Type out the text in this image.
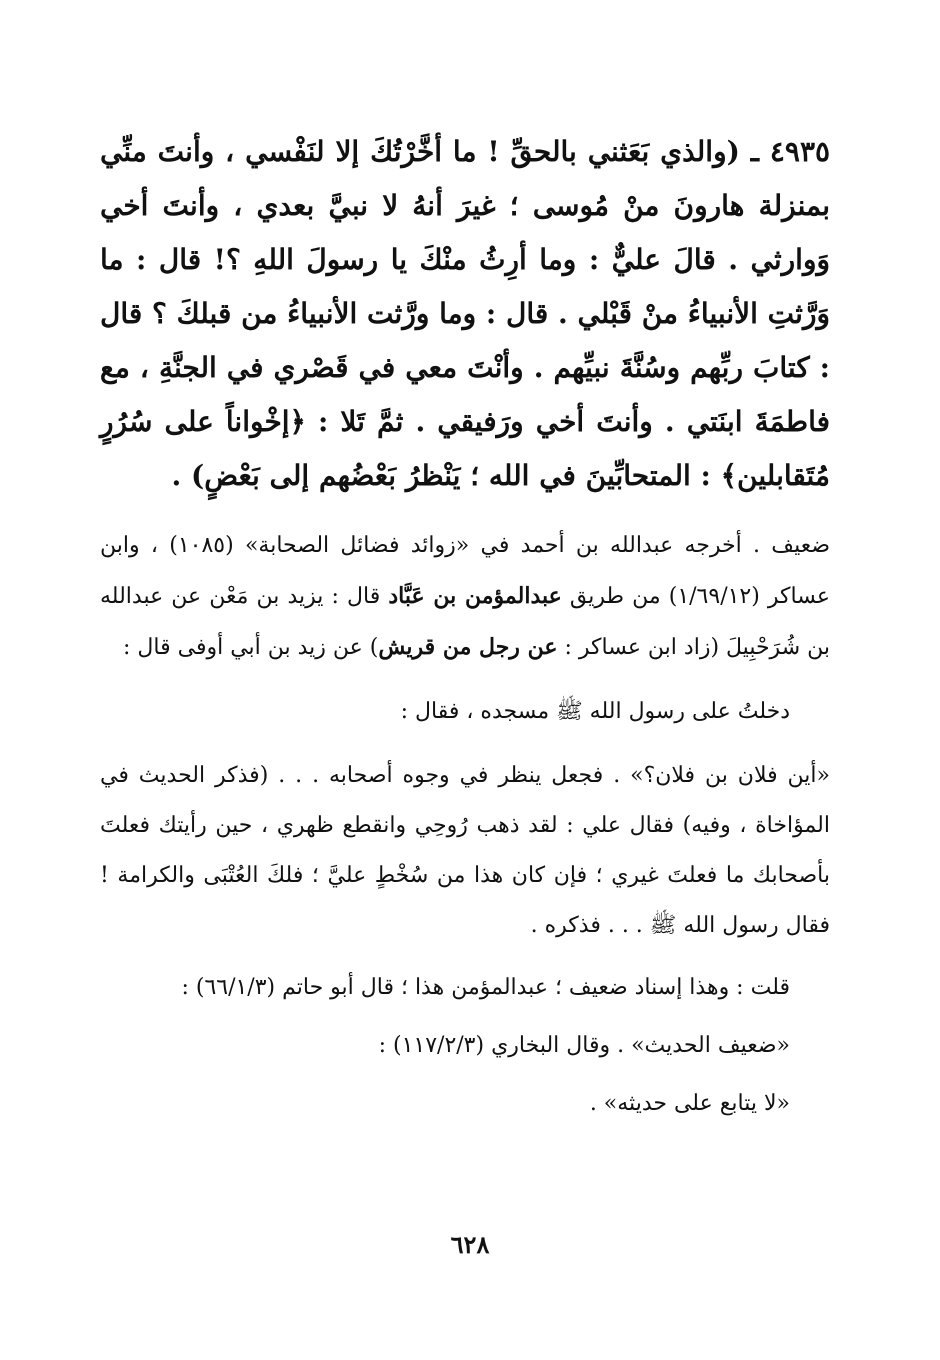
٤٩٣٥ ـ (والذي بَعَثني بالحقِّ ! ما أخَّرْتُكَ إلا لنَفْسي ، وأنتَ منِّي بمنزلة هارونَ منْ مُوسى ؛ غيرَ أنهُ لا نبيَّ بعدي ، وأنتَ أخي وَوارثي . قالَ عليٌّ : وما أرِثُ منْكَ يا رسولَ اللهِ ؟! قال : ما وَرَّثتِ الأنبياءُ منْ قَبْلي . قال : وما ورَّثت الأنبياءُ من قبلكَ ؟ قال : كتابَ ربِّهم وسُنَّةَ نبيِّهم . وأنْتَ معي في قَصْري في الجنَّةِ ، مع فاطمَةَ ابنَتي . وأنتَ أخي ورَفيقي . ثمَّ تَلا : ﴿إخْواناً على سُرُرٍ مُتَقابلين﴾ : المتحابِّينَ في الله ؛ يَنْظرُ بَعْضُهم إلى بَعْضٍ) .

ضعيف . أخرجه عبدالله بن أحمد في «زوائد فضائل الصحابة» (١٠٨٥) ، وابن عساكر (١/٦٩/١٢) من طريق عبدالمؤمن بن عَبَّاد قال : يزيد بن مَعْن عن عبدالله بن شُرَحْبِيلَ (زاد ابن عساكر : عن رجل من قريش) عن زيد بن أبي أوفى قال :

دخلتُ على رسول الله ﷺ مسجده ، فقال :

«أين فلان بن فلان؟» . فجعل ينظر في وجوه أصحابه . . . (فذكر الحديث في المؤاخاة ، وفيه) فقال علي : لقد ذهب رُوحِي وانقطع ظهري ، حين رأيتك فعلتَ بأصحابك ما فعلتَ غيري ؛ فإن كان هذا من سُخْطٍ عليَّ ؛ فلكَ العُتْبَى والكرامة ! فقال رسول الله ﷺ . . . فذكره .

قلت : وهذا إسناد ضعيف ؛ عبدالمؤمن هذا ؛ قال أبو حاتم (٦٦/١/٣) :

«ضعيف الحديث» . وقال البخاري (١١٧/٢/٣) :

«لا يتابع على حديثه» .

٦٢٨
